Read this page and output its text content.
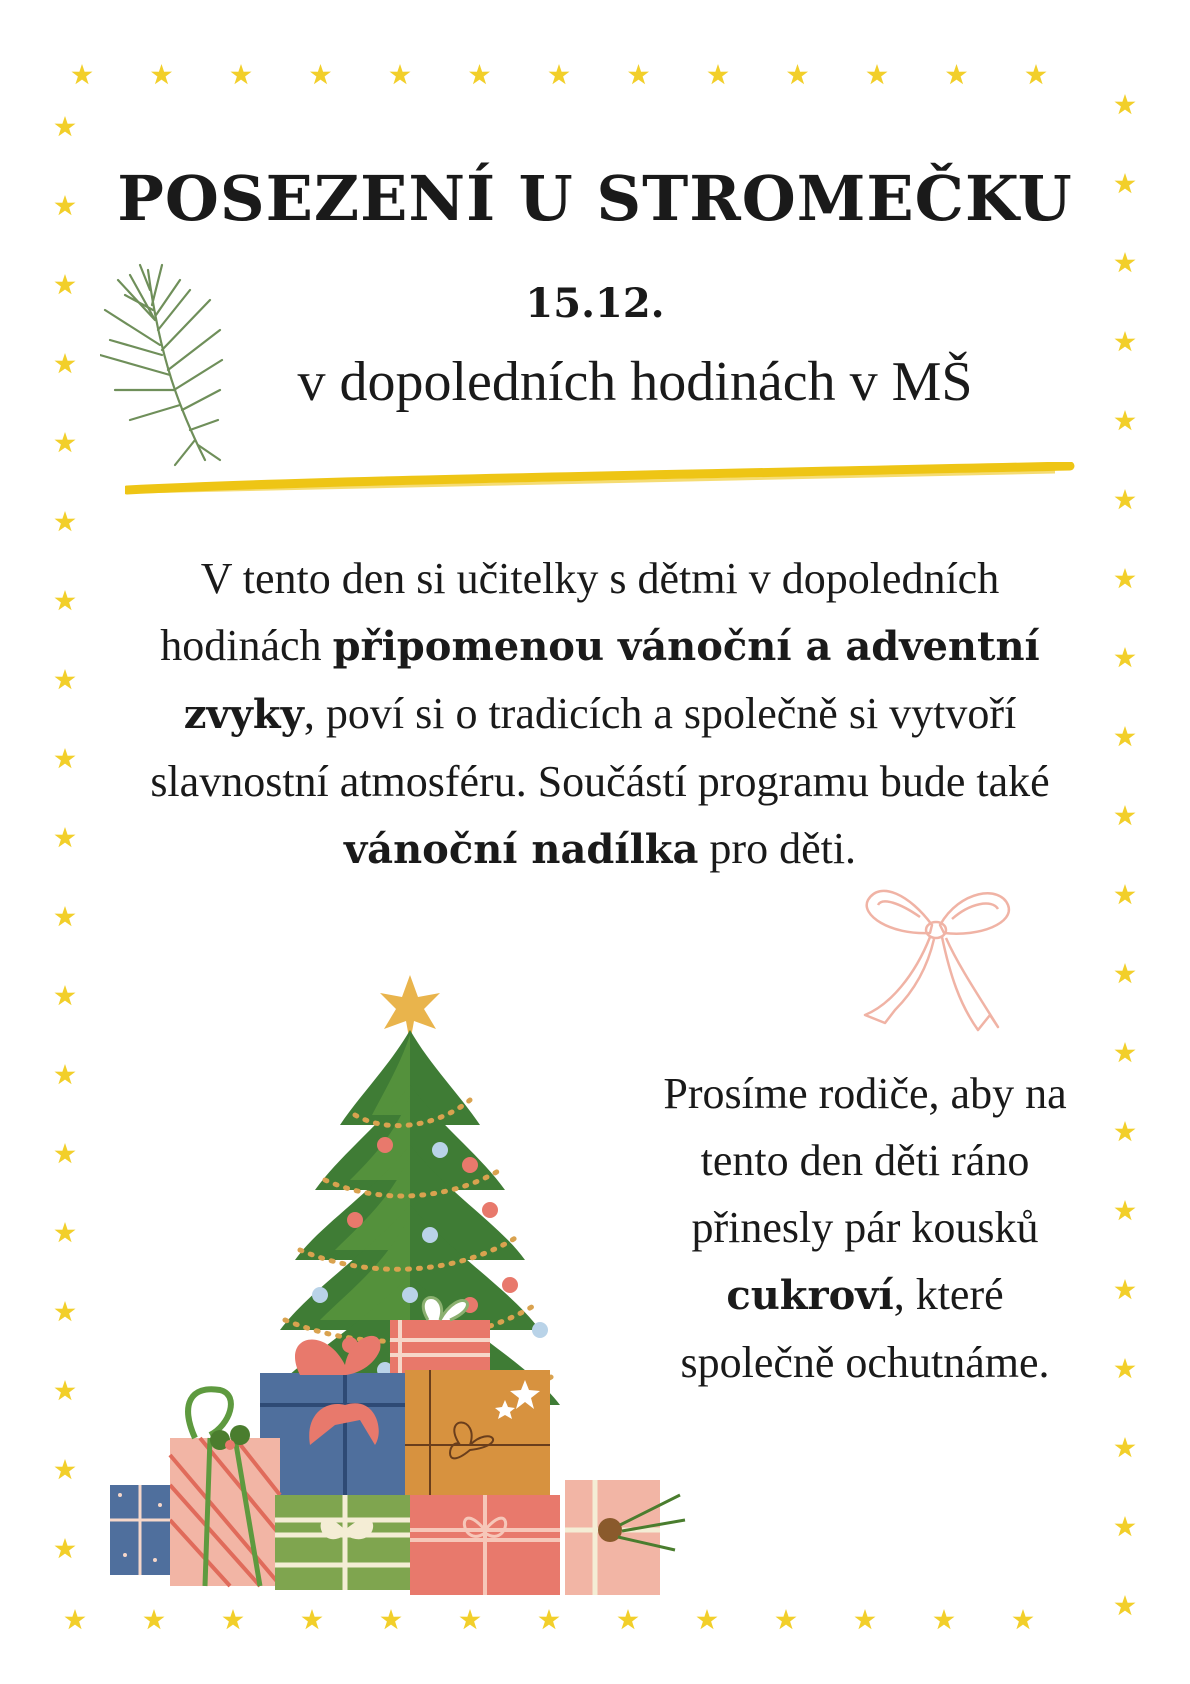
POSEZENÍ U STROMEČKU

15.12.

v dopoledních hodinách v MŠ

V tento den si učitelky s dětmi v dopoledních hodinách připomenou vánoční a adventní zvyky, poví si o tradicích a společně si vytvoří slavnostní atmosféru. Součástí programu bude také vánoční nadílka pro děti.

Prosíme rodiče, aby na tento den děti ráno přinesly pár kousků cukroví, které společně ochutnáme.
